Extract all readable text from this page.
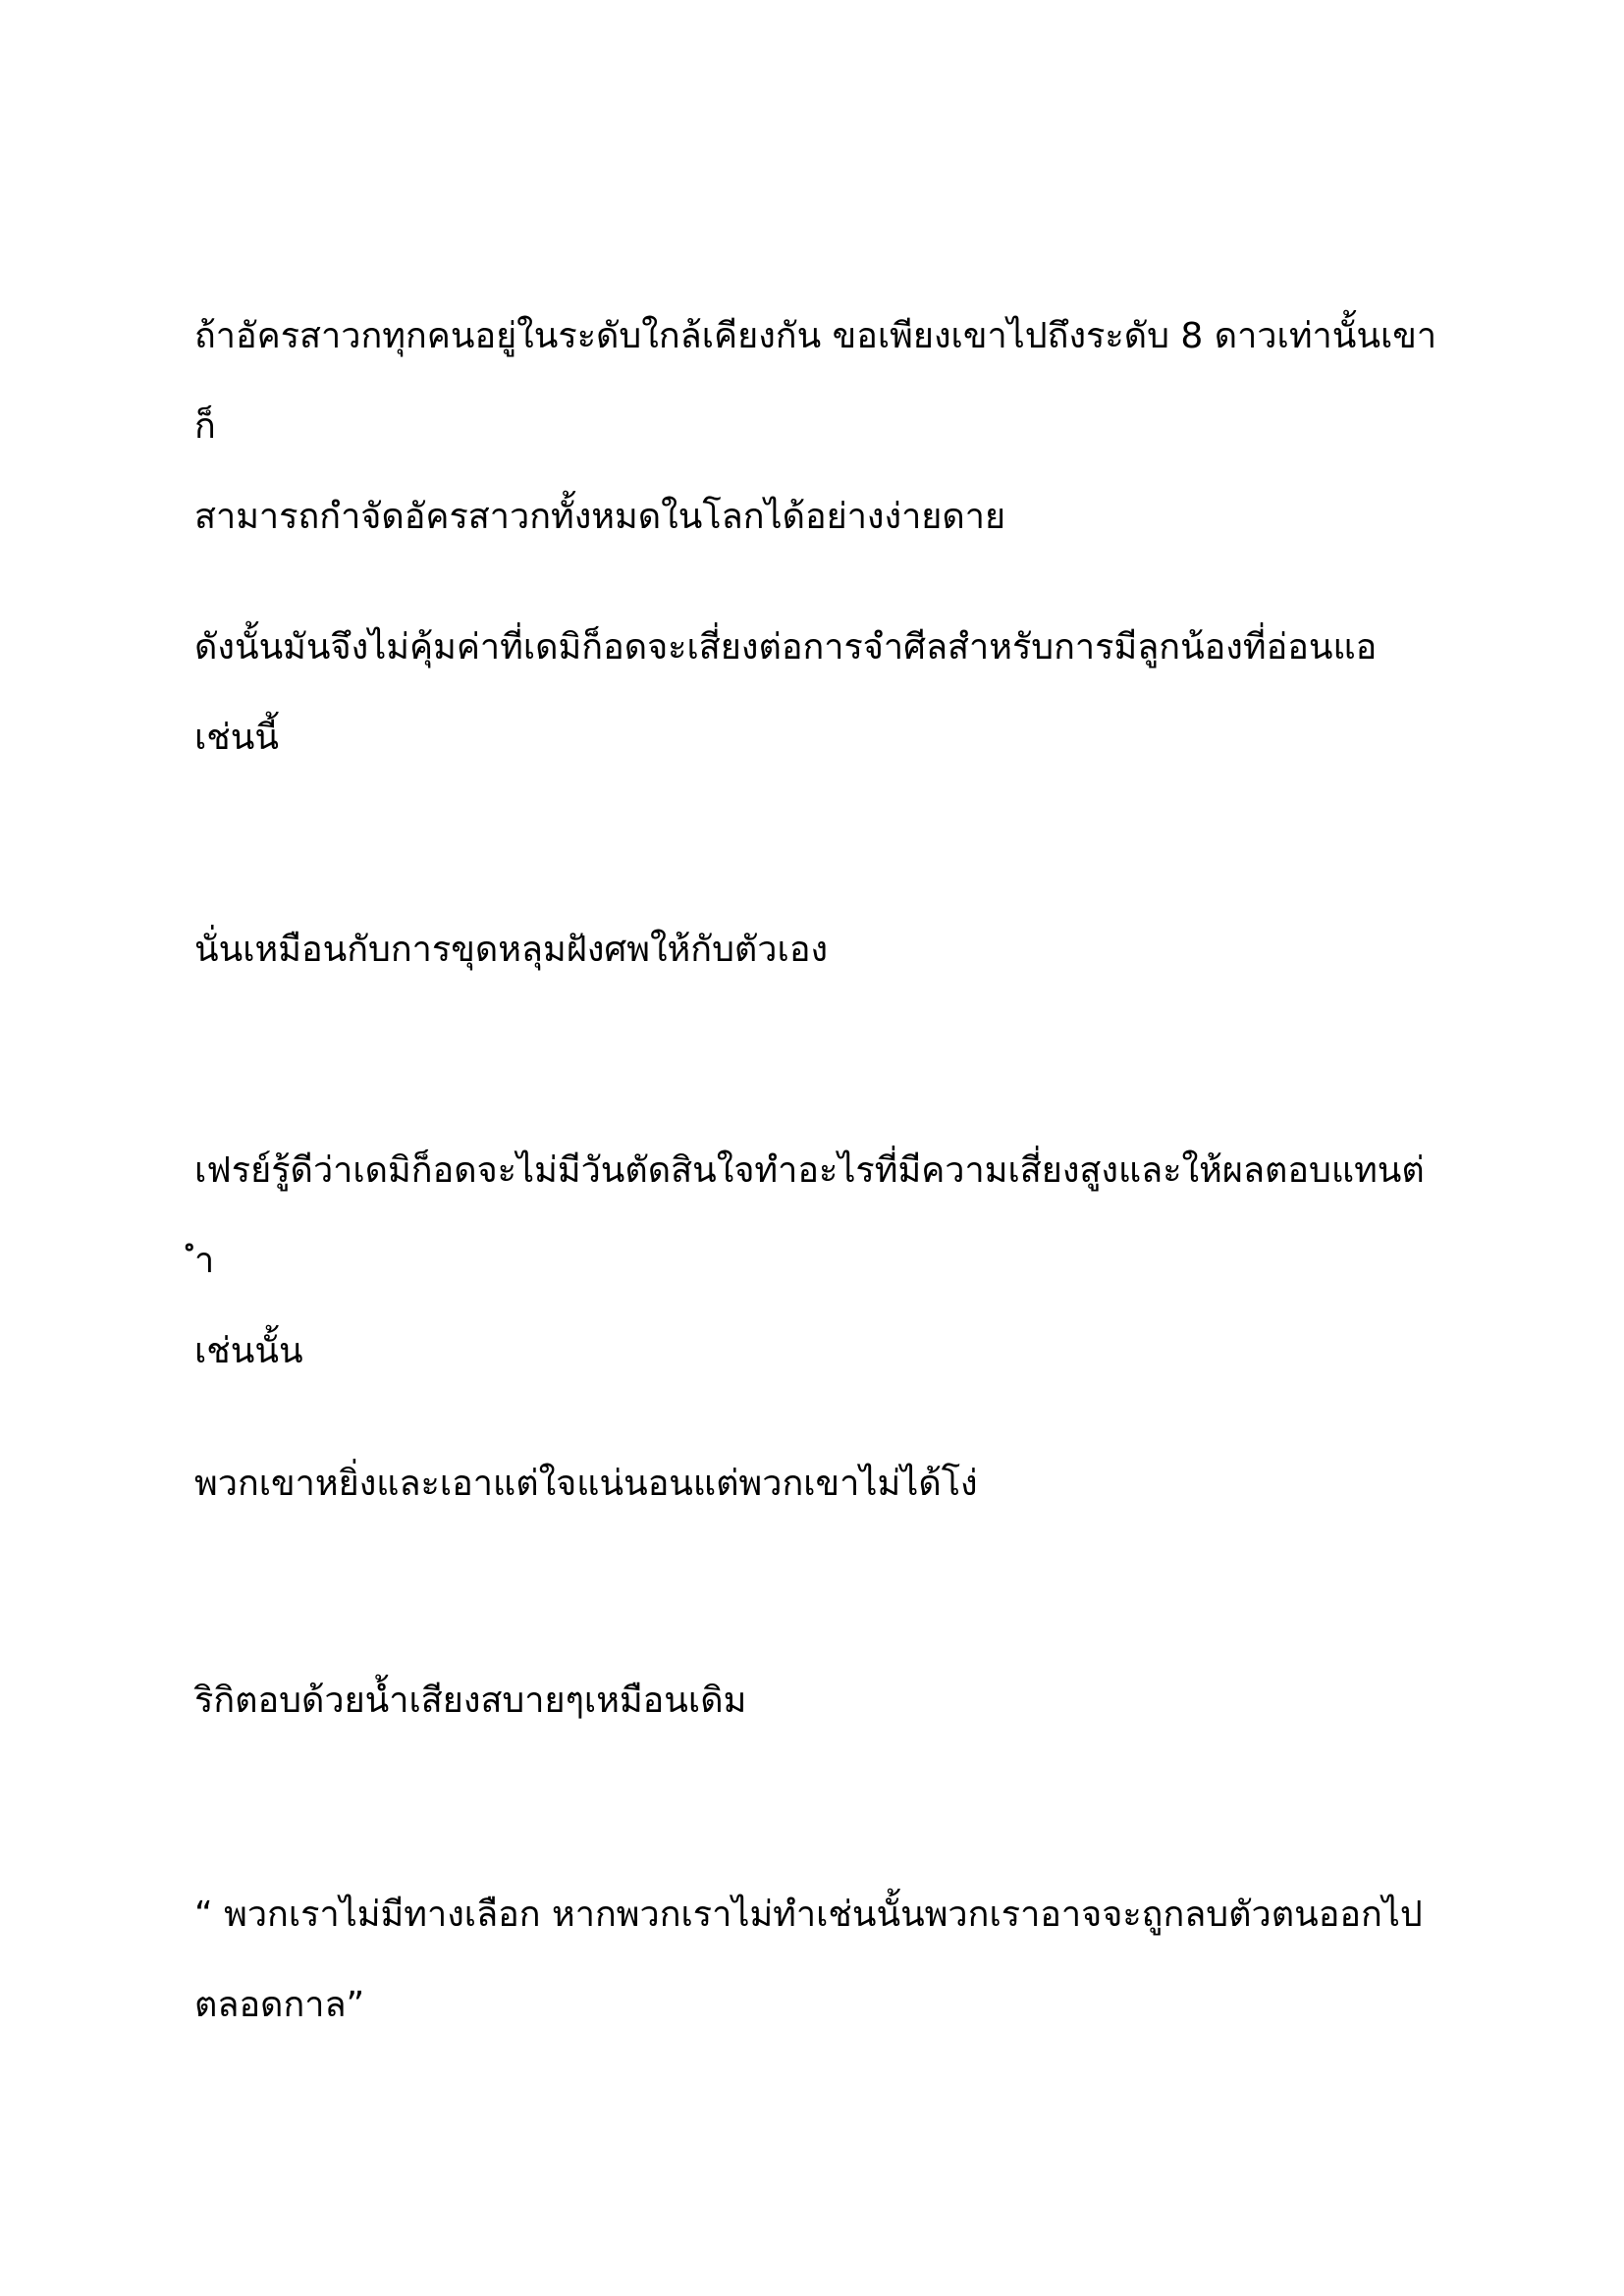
ถ้าอัครสาวกทุกคนอยู่ในระดับใกล้เคียงกัน ขอเพียงเขาไปถึงระดับ 8 ดาวเท่านั้นเขาก็
สามารถกำจัดอัครสาวกทั้งหมดในโลกได้อย่างง่ายดาย

ดังนั้นมันจึงไม่คุ้มค่าที่เดมิก็อดจะเสี่ยงต่อการจำศีลสำหรับการมีลูกน้องที่อ่อนแอ
เช่นนี้

นั่นเหมือนกับการขุดหลุมฝังศพให้กับตัวเอง

เฟรย์รู้ดีว่าเดมิก็อดจะไม่มีวันตัดสินใจทำอะไรที่มีความเสี่ยงสูงและให้ผลตอบแทนต่ำ
เช่นนั้น

พวกเขาหยิ่งและเอาแต่ใจแน่นอนแต่พวกเขาไม่ได้โง่

ริกิตอบด้วยน้ำเสียงสบายๆเหมือนเดิม

“ พวกเราไม่มีทางเลือก หากพวกเราไม่ทำเช่นนั้นพวกเราอาจจะถูกลบตัวตนออกไป
ตลอดกาล”
